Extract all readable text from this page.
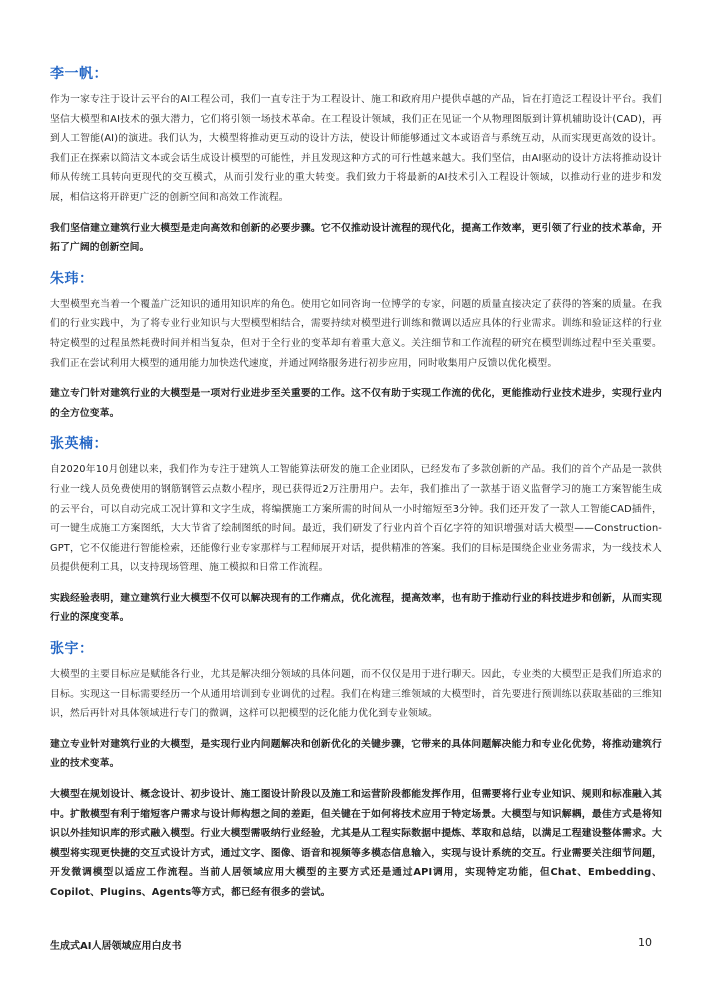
李一帆：

作为一家专注于设计云平台的AI工程公司，我们一直专注于为工程设计、施工和政府用户提供卓越的产品，旨在打造泛工程设计平台。我们坚信大模型和AI技术的强大潜力，它们将引领一场技术革命。在工程设计领域，我们正在见证一个从物理图版到计算机辅助设计(CAD)，再到人工智能(AI)的演进。我们认为，大模型将推动更互动的设计方法，使设计师能够通过文本或语音与系统互动，从而实现更高效的设计。我们正在探索以简洁文本或会话生成设计模型的可能性，并且发现这种方式的可行性越来越大。我们坚信，由AI驱动的设计方法将推动设计师从传统工具转向更现代的交互模式，从而引发行业的重大转变。我们致力于将最新的AI技术引入工程设计领域，以推动行业的进步和发展，相信这将开辟更广泛的创新空间和高效工作流程。

我们坚信建立建筑行业大模型是走向高效和创新的必要步骤。它不仅推动设计流程的现代化，提高工作效率，更引领了行业的技术革命，开拓了广阔的创新空间。

朱玮：

大型模型充当着一个覆盖广泛知识的通用知识库的角色。使用它如同咨询一位博学的专家，问题的质量直接决定了获得的答案的质量。在我们的行业实践中，为了将专业行业知识与大型模型相结合，需要持续对模型进行训练和微调以适应具体的行业需求。训练和验证这样的行业特定模型的过程虽然耗费时间并相当复杂，但对于全行业的变革却有着重大意义。关注细节和工作流程的研究在模型训练过程中至关重要。我们正在尝试利用大模型的通用能力加快迭代速度，并通过网络服务进行初步应用，同时收集用户反馈以优化模型。

建立专门针对建筑行业的大模型是一项对行业进步至关重要的工作。这不仅有助于实现工作流的优化，更能推动行业技术进步，实现行业内的全方位变革。

张英楠：

自2020年10月创建以来，我们作为专注于建筑人工智能算法研发的施工企业团队，已经发布了多款创新的产品。我们的首个产品是一款供行业一线人员免费使用的钢筋钢管云点数小程序，现已获得近2万注册用户。去年，我们推出了一款基于语义监督学习的施工方案智能生成的云平台，可以自动完成工况计算和文字生成，将编撰施工方案所需的时间从一小时缩短至3分钟。我们还开发了一款人工智能CAD插件，可一键生成施工方案图纸，大大节省了绘制图纸的时间。最近，我们研发了行业内首个百亿字符的知识增强对话大模型——Construction-GPT，它不仅能进行智能检索，还能像行业专家那样与工程师展开对话，提供精准的答案。我们的目标是围绕企业业务需求，为一线技术人员提供便利工具，以支持现场管理、施工模拟和日常工作流程。

实践经验表明，建立建筑行业大模型不仅可以解决现有的工作痛点，优化流程，提高效率，也有助于推动行业的科技进步和创新，从而实现行业的深度变革。

张宇：

大模型的主要目标应是赋能各行业，尤其是解决细分领域的具体问题，而不仅仅是用于进行聊天。因此，专业类的大模型正是我们所追求的目标。实现这一目标需要经历一个从通用培训到专业调优的过程。我们在构建三维领域的大模型时，首先要进行预训练以获取基础的三维知识，然后再针对具体领域进行专门的微调，这样可以把模型的泛化能力优化到专业领域。

建立专业针对建筑行业的大模型，是实现行业内问题解决和创新优化的关键步骤，它带来的具体问题解决能力和专业化优势，将推动建筑行业的技术变革。

大模型在规划设计、概念设计、初步设计、施工图设计阶段以及施工和运营阶段都能发挥作用，但需要将行业专业知识、规则和标准融入其中。扩散模型有利于缩短客户需求与设计师构想之间的差距，但关键在于如何将技术应用于特定场景。大模型与知识解耦，最佳方式是将知识以外挂知识库的形式融入模型。行业大模型需吸纳行业经验，尤其是从工程实际数据中提炼、萃取和总结，以满足工程建设整体需求。大模型将实现更快捷的交互式设计方式，通过文字、图像、语音和视频等多模态信息输入，实现与设计系统的交互。行业需要关注细节问题，开发微调模型以适应工作流程。当前人居领域应用大模型的主要方式还是通过API调用，实现特定功能，但Chat、Embedding、Copilot、Plugins、Agents等方式，都已经有很多的尝试。

生成式AI人居领域应用白皮书	10
